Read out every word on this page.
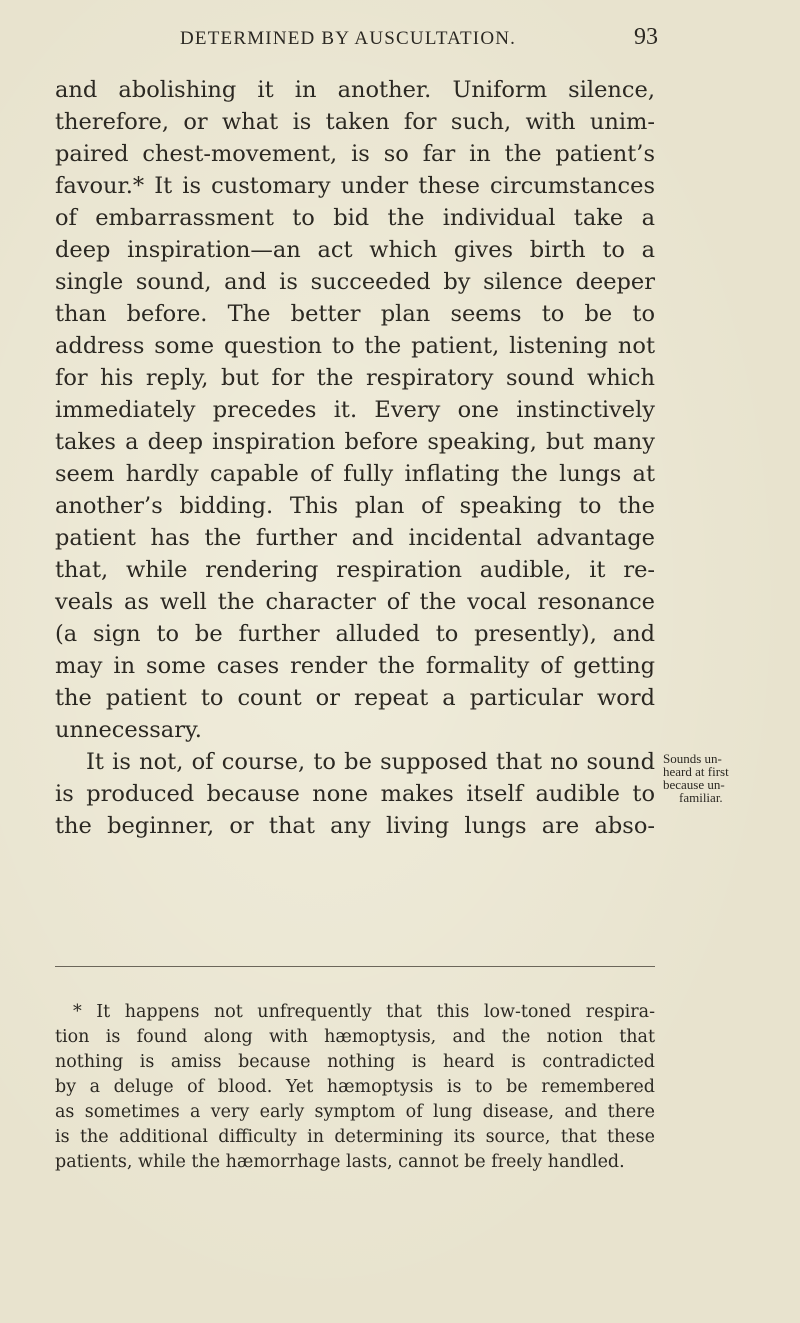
DETERMINED BY AUSCULTATION.	93
and abolishing it in another. Uniform silence,
therefore, or what is taken for such, with unim-
paired chest-movement, is so far in the patient’s
favour.* It is customary under these circumstances
of embarrassment to bid the individual take a
deep inspiration—an act which gives birth to a
single sound, and is succeeded by silence deeper
than before. The better plan seems to be to
address some question to the patient, listening not
for his reply, but for the respiratory sound which
immediately precedes it. Every one instinctively
takes a deep inspiration before speaking, but many
seem hardly capable of fully inflating the lungs at
another’s bidding. This plan of speaking to the
patient has the further and incidental advantage
that, while rendering respiration audible, it re-
veals as well the character of the vocal resonance
(a sign to be further alluded to presently), and
may in some cases render the formality of getting
the patient to count or repeat a particular word
unnecessary.
It is not, of course, to be supposed that no sound
is produced because none makes itself audible to
the beginner, or that any living lungs are abso-
Sounds un-
heard at first
because un-
familiar.
* It happens not unfrequently that this low-toned respira-
tion is found along with hæmoptysis, and the notion that
nothing is amiss because nothing is heard is contradicted
by a deluge of blood. Yet hæmoptysis is to be remembered
as sometimes a very early symptom of lung disease, and there
is the additional difficulty in determining its source, that these
patients, while the hæmorrhage lasts, cannot be freely handled.
